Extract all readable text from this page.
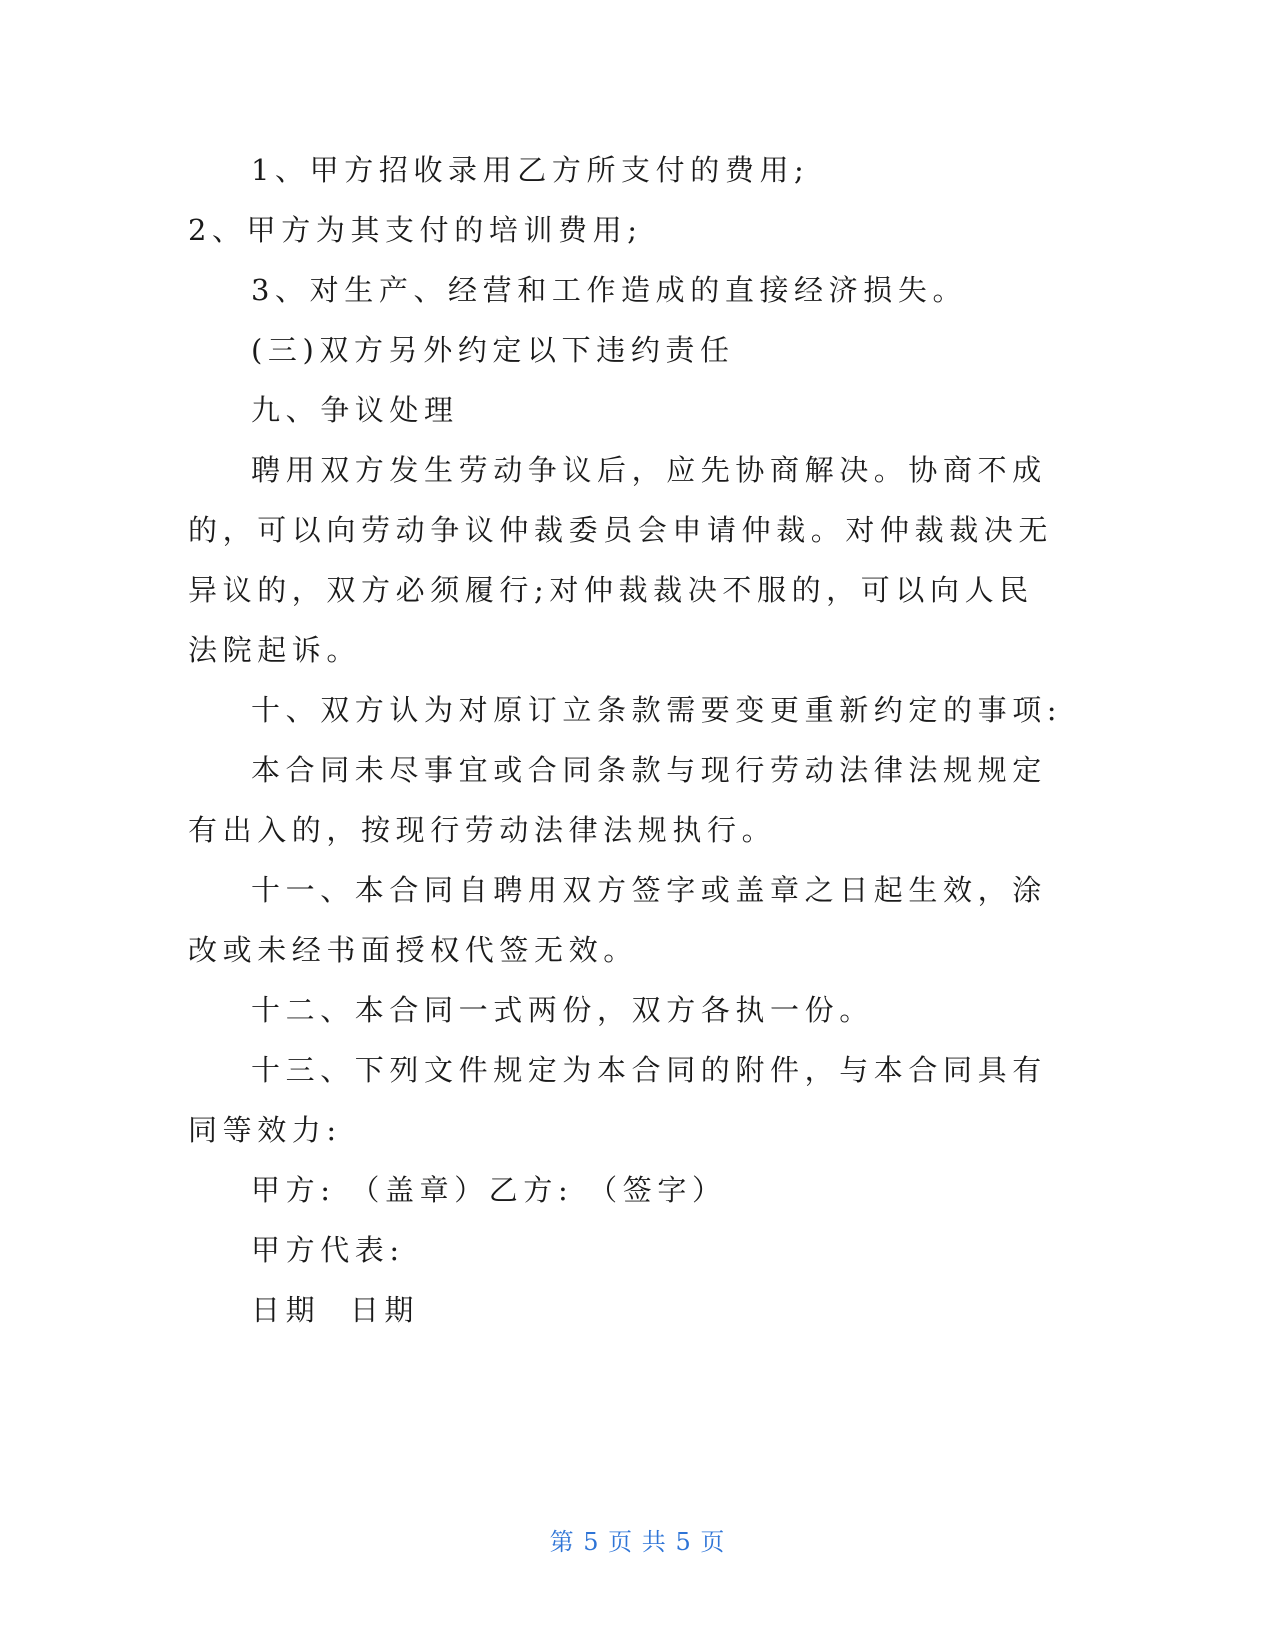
1、甲方招收录用乙方所支付的费用;

2、甲方为其支付的培训费用;

3、对生产、经营和工作造成的直接经济损失。

(三)双方另外约定以下违约责任

九、争议处理

聘用双方发生劳动争议后，应先协商解决。协商不成的，可以向劳动争议仲裁委员会申请仲裁。对仲裁裁决无异议的，双方必须履行;对仲裁裁决不服的，可以向人民法院起诉。

十、双方认为对原订立条款需要变更重新约定的事项:

本合同未尽事宜或合同条款与现行劳动法律法规规定有出入的，按现行劳动法律法规执行。

十一、本合同自聘用双方签字或盖章之日起生效，涂改或未经书面授权代签无效。

十二、本合同一式两份，双方各执一份。

十三、下列文件规定为本合同的附件，与本合同具有同等效力:

甲方: （盖章）乙方: （签字）

甲方代表:

日期  日期

第 5 页 共 5 页
